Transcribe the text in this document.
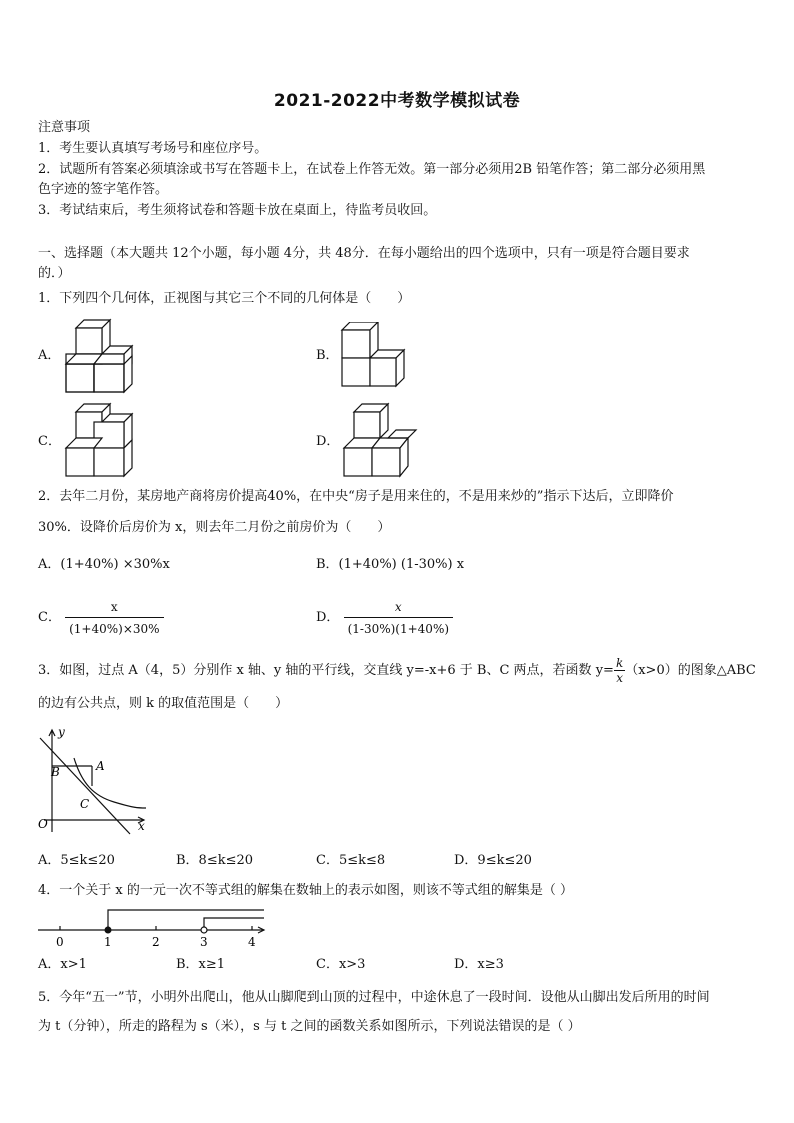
2021-2022中考数学模拟试卷
注意事项
1．考生要认真填写考场号和座位序号。
2．试题所有答案必须填涂或书写在答题卡上，在试卷上作答无效。第一部分必须用2B 铅笔作答；第二部分必须用黑
色字迹的签字笔作答。
3．考试结束后，考生须将试卷和答题卡放在桌面上，待监考员收回。
一、选择题（本大题共 12个小题，每小题 4分，共 48分．在每小题给出的四个选项中，只有一项是符合题目要求
的．）
1．下列四个几何体，正视图与其它三个不同的几何体是（　　）
A．	B．
C．	D．
2．去年二月份，某房地产商将房价提高40%，在中央“房子是用来住的，不是用来炒的”指示下达后，立即降价
30%．设降价后房价为 x，则去年二月份之前房价为（　　）
A．(1+40%) ×30%x	B．(1+40%) (1-30%) x
C． $\frac{x}{(1+40\%)\times 30\%}$	D． $\frac{x}{(1-30\%)(1+40\%)}$
3．如图，过点 A（4，5）分别作 x 轴、y 轴的平行线，交直线 y=-x+6 于 B、C 两点，若函数 $y= \frac{k}{x} (x>0)$的图象△ABC
的边有公共点，则 k 的取值范围是（　　）
y
x
O
A
B
C
A．5≤k≤20	B．8≤k≤20	C．5≤k≤8	D．9≤k≤20
4．一个关于 x 的一元一次不等式组的解集在数轴上的表示如图，则该不等式组的解集是（ ）
0	1	2	3	4
A．x>1	B．x≥1	C．x>3	D．x≥3
5．今年“五一”节，小明外出爬山，他从山脚爬到山顶的过程中，中途休息了一段时间．设他从山脚出发后所用的时间
为 t（分钟），所走的路程为 s（米），s 与 t 之间的函数关系如图所示，下列说法错误的是（ ）
